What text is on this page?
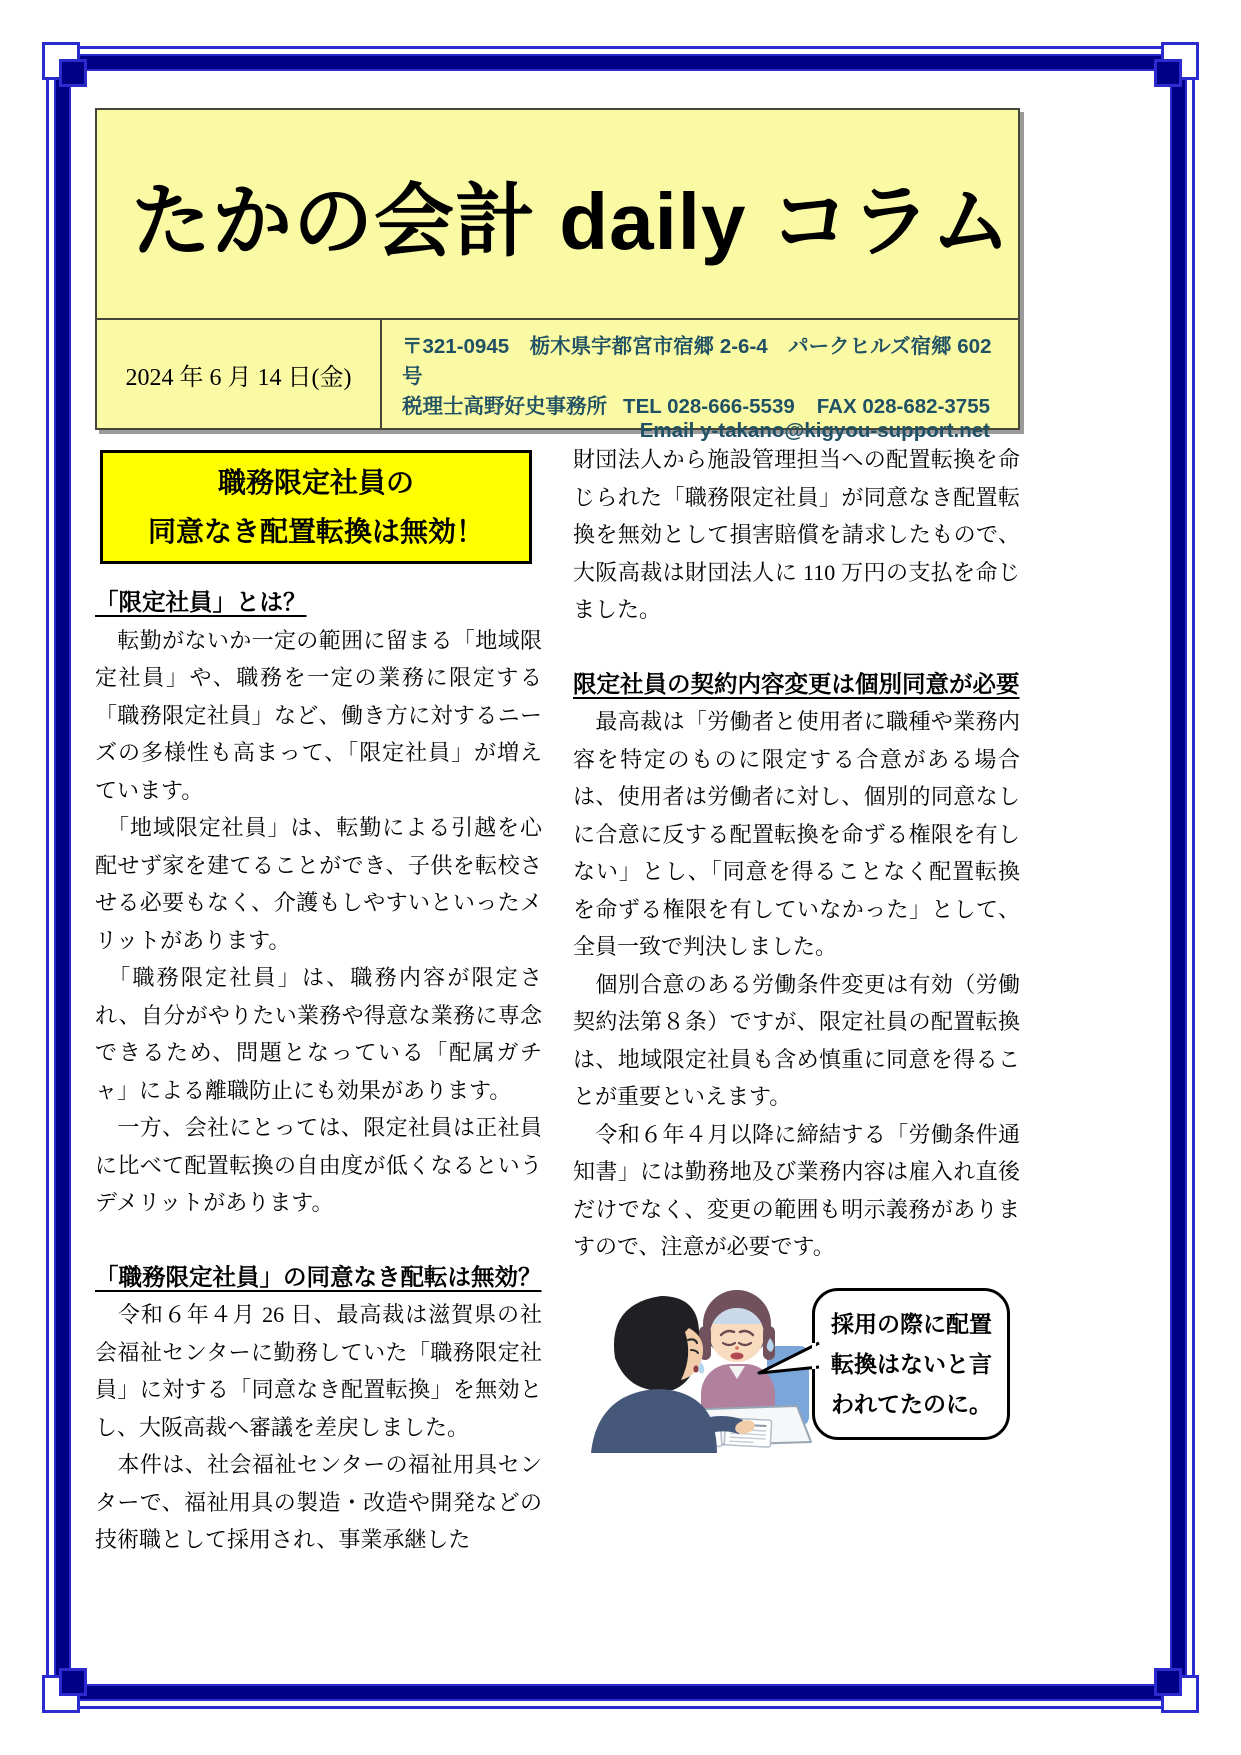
たかの会計 daily コラム
2024 年 6 月 14 日(金)
〒321-0945　栃木県宇都宮市宿郷 2-6-4　パークヒルズ宿郷 602 号
税理士高野好史事務所 TEL 028-666-5539 FAX 028-682-3755
Email y-takano@kigyou-support.net
職務限定社員の
同意なき配置転換は無効！
「限定社員」とは？

　転勤がないか一定の範囲に留まる「地域限定社員」や、職務を一定の業務に限定する「職務限定社員」など、働き方に対するニーズの多様性も高まって、「限定社員」が増えています。

　「地域限定社員」は、転勤による引越を心配せず家を建てることができ、子供を転校させる必要もなく、介護もしやすいといったメリットがあります。

　「職務限定社員」は、職務内容が限定され、自分がやりたい業務や得意な業務に専念できるため、問題となっている「配属ガチャ」による離職防止にも効果があります。

　一方、会社にとっては、限定社員は正社員に比べて配置転換の自由度が低くなるというデメリットがあります。

「職務限定社員」の同意なき配転は無効？

　令和６年４月 26 日、最高裁は滋賀県の社会福祉センターに勤務していた「職務限定社員」に対する「同意なき配置転換」を無効とし、大阪高裁へ審議を差戻しました。

　本件は、社会福祉センターの福祉用具センターで、福祉用具の製造・改造や開発などの技術職として採用され、事業承継した

財団法人から施設管理担当への配置転換を命じられた「職務限定社員」が同意なき配置転換を無効として損害賠償を請求したもので、大阪高裁は財団法人に 110 万円の支払を命じました。

限定社員の契約内容変更は個別同意が必要

　最高裁は「労働者と使用者に職種や業務内容を特定のものに限定する合意がある場合は、使用者は労働者に対し、個別的同意なしに合意に反する配置転換を命ずる権限を有しない」とし、「同意を得ることなく配置転換を命ずる権限を有していなかった」として、全員一致で判決しました。

　個別合意のある労働条件変更は有効（労働契約法第８条）ですが、限定社員の配置転換は、地域限定社員も含め慎重に同意を得ることが重要といえます。

　令和６年４月以降に締結する「労働条件通知書」には勤務地及び業務内容は雇入れ直後だけでなく、変更の範囲も明示義務がありますので、注意が必要です。

採用の際に配置
転換はないと言
われてたのに。
